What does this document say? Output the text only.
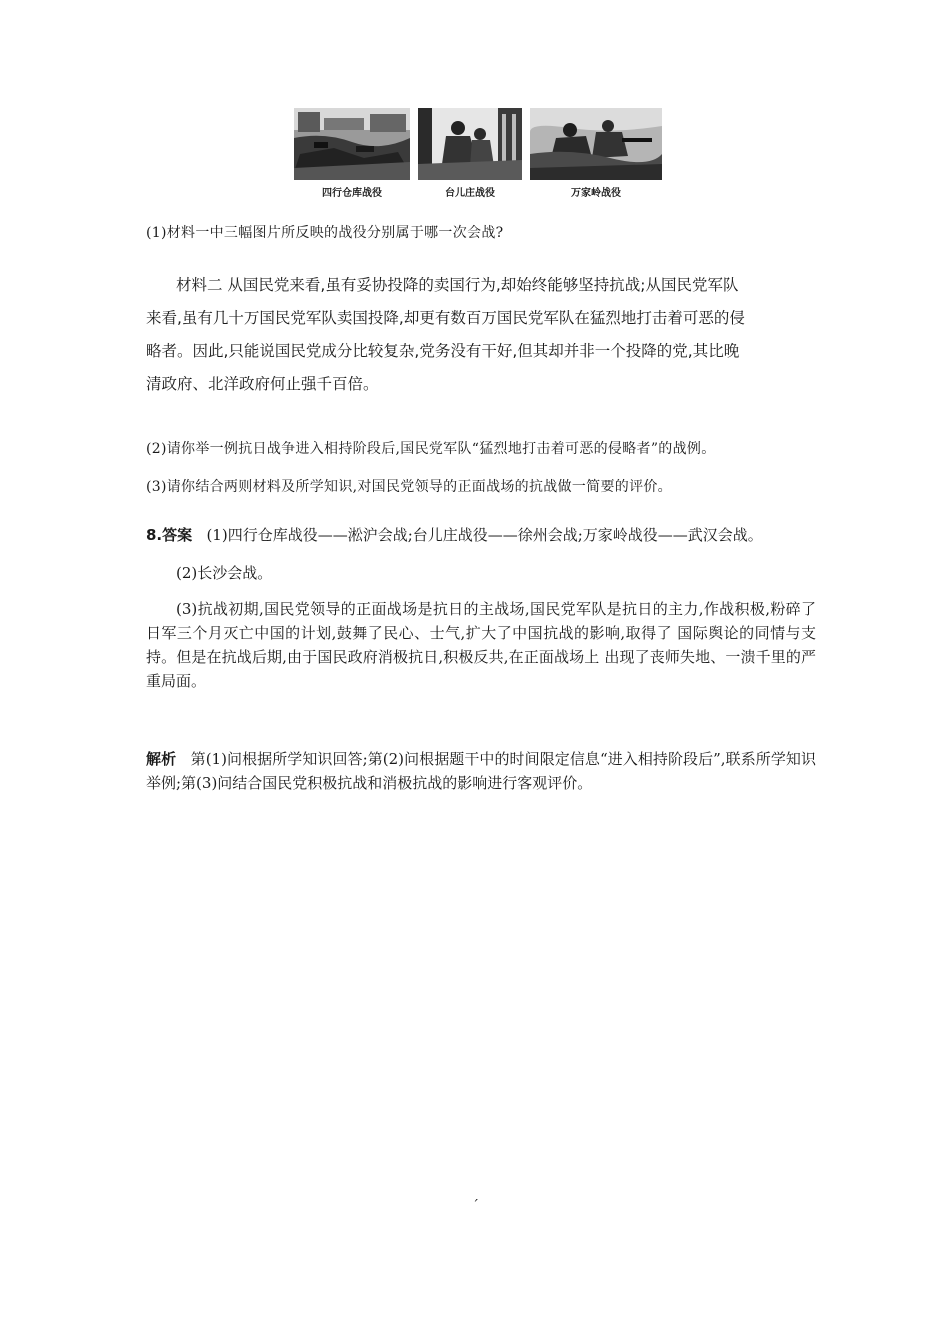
四行仓库战役	台儿庄战役	万家岭战役
(1)材料一中三幅图片所反映的战役分别属于哪一次会战?

材料二 从国民党来看,虽有妥协投降的卖国行为,却始终能够坚持抗战;从国民党军队

来看,虽有几十万国民党军队卖国投降,却更有数百万国民党军队在猛烈地打击着可恶的侵

略者。因此,只能说国民党成分比较复杂,党务没有干好,但其却并非一个投降的党,其比晚

清政府、北洋政府何止强千百倍。

(2)请你举一例抗日战争进入相持阶段后,国民党军队“猛烈地打击着可恶的侵略者”的战例。
(3)请你结合两则材料及所学知识,对国民党领导的正面战场的抗战做一简要的评价。

8.答案 (1)四行仓库战役——淞沪会战;台儿庄战役——徐州会战;万家岭战役——武汉会战。

(2)长沙会战。

(3)抗战初期,国民党领导的正面战场是抗日的主战场,国民党军队是抗日的主力,作战积极,粉碎了日军三个月灭亡中国的计划,鼓舞了民心、士气,扩大了中国抗战的影响,取得了 国际舆论的同情与支持。但是在抗战后期,由于国民政府消极抗日,积极反共,在正面战场上 出现了丧师失地、一溃千里的严重局面。

解析 第(1)问根据所学知识回答;第(2)问根据题干中的时间限定信息“进入相持阶段后”,联系所学知识举例;第(3)问结合国民党积极抗战和消极抗战的影响进行客观评价。

´
